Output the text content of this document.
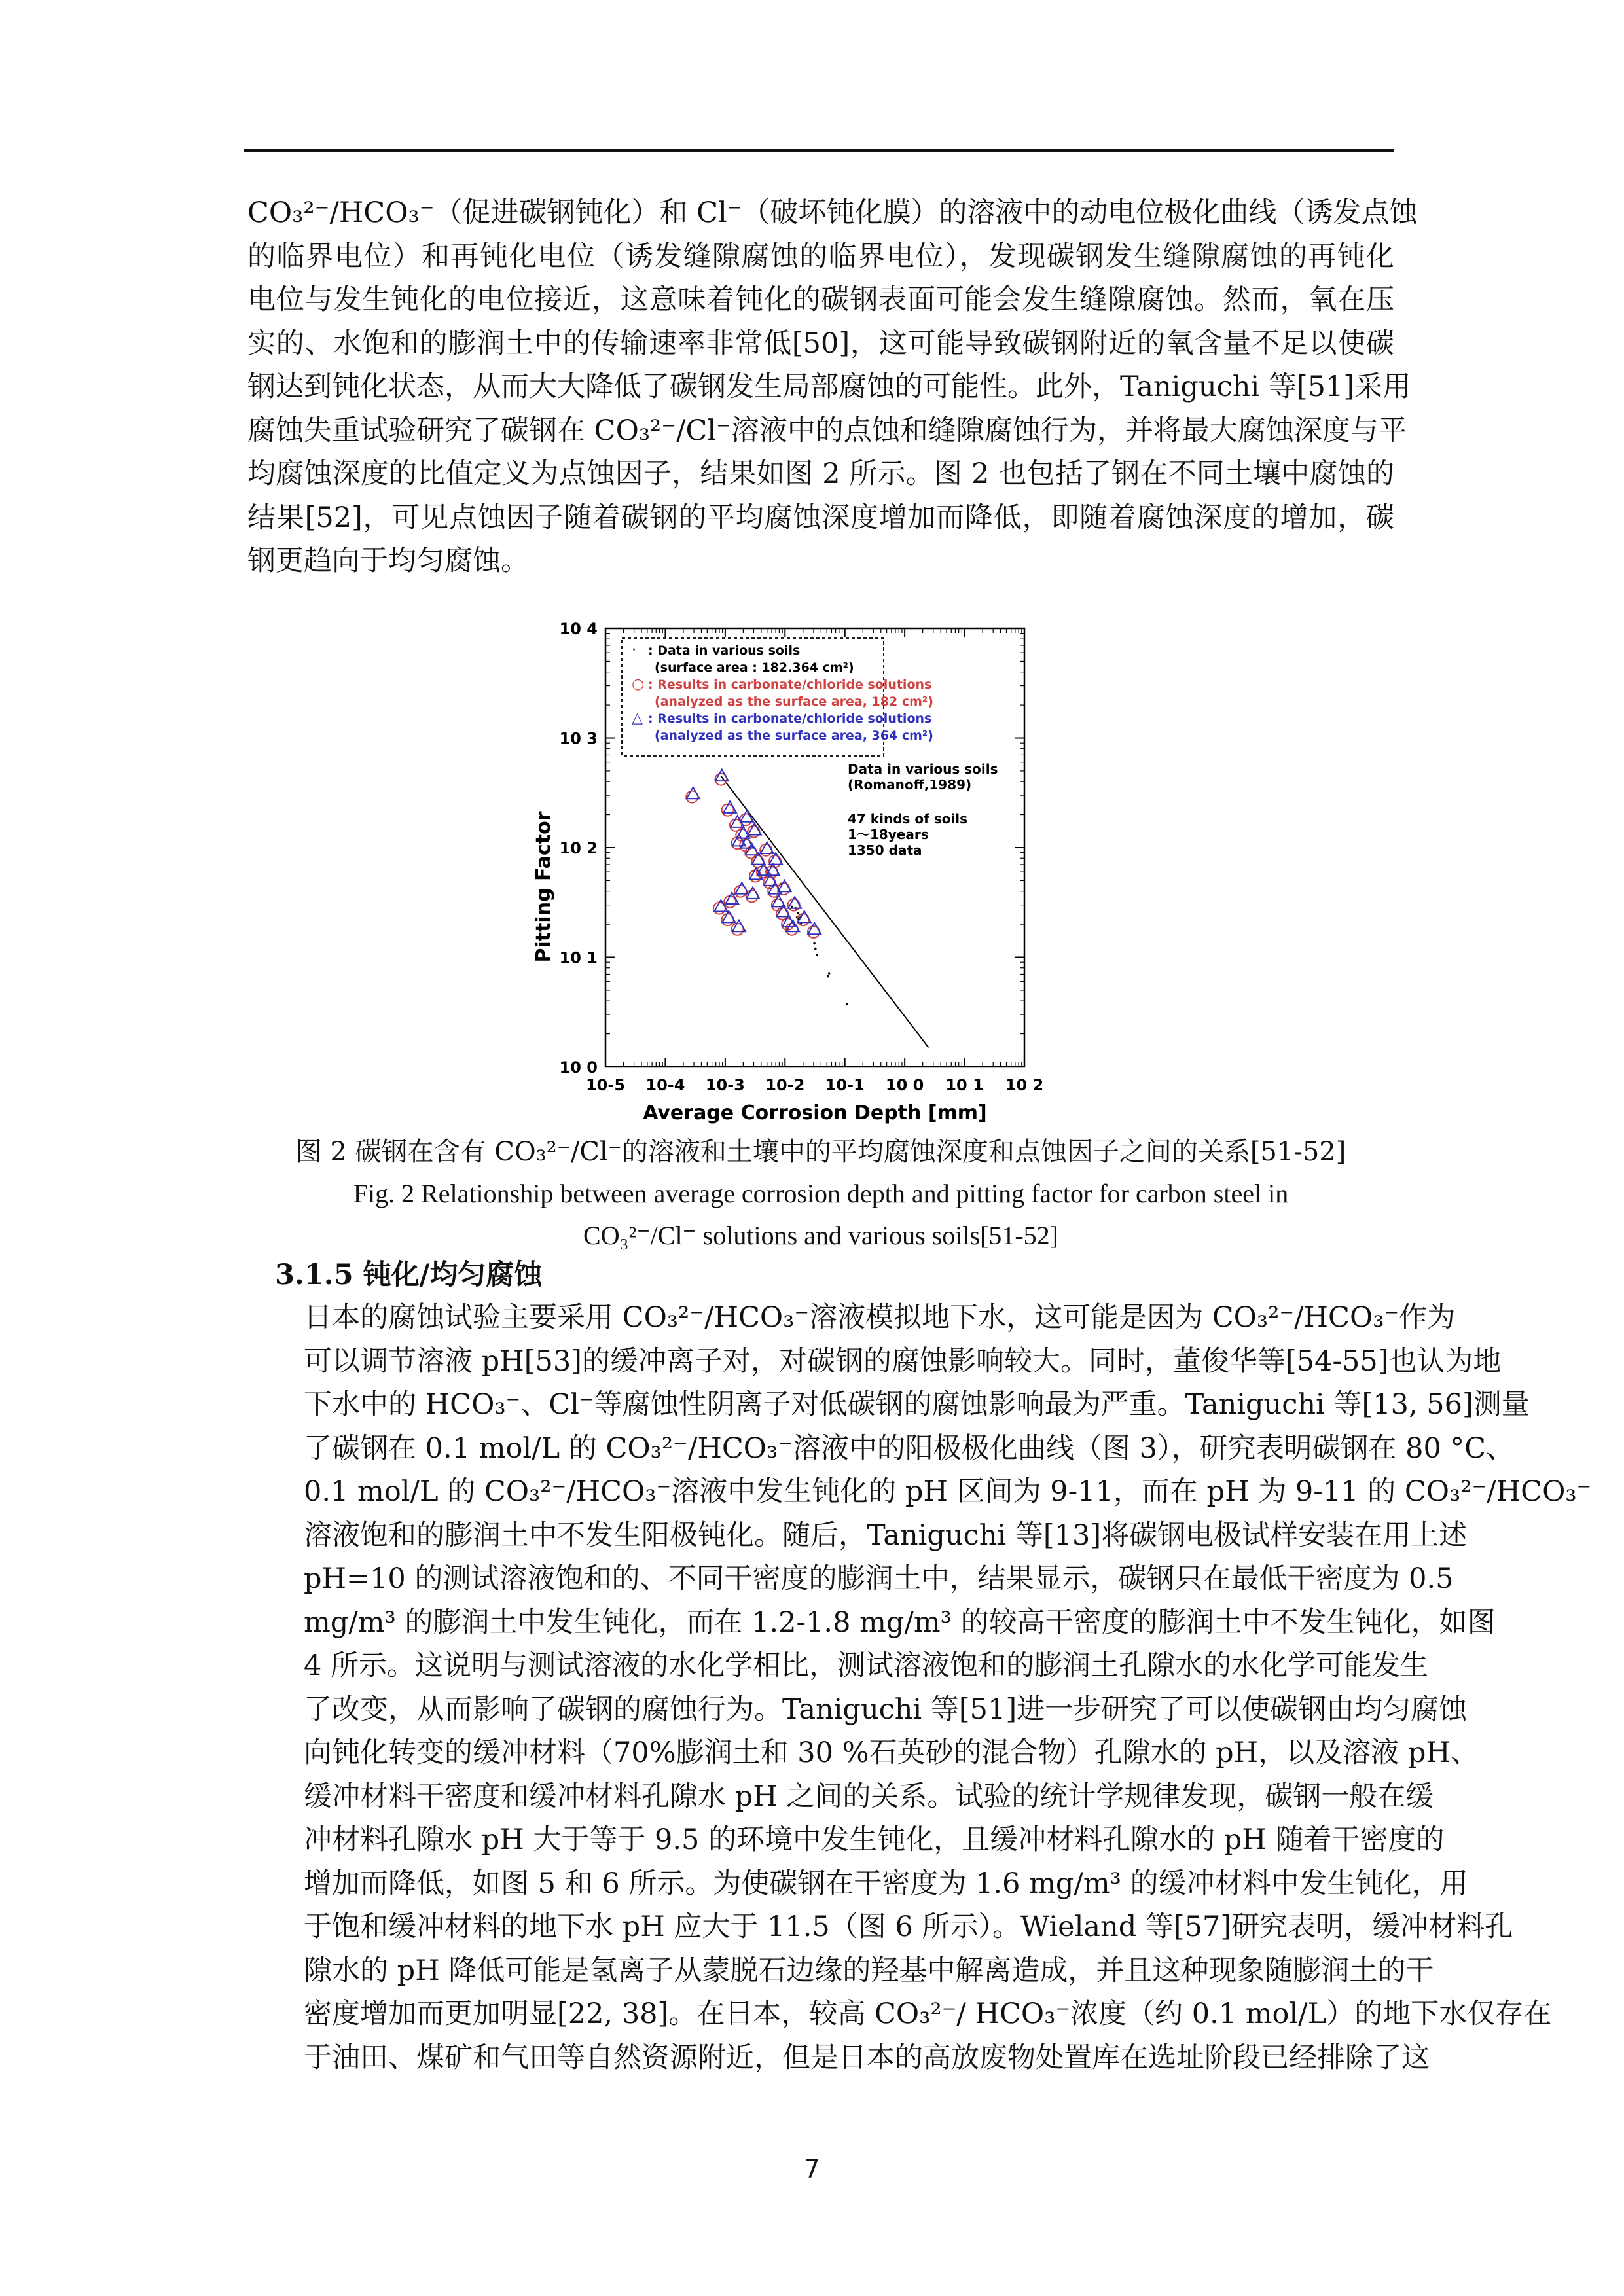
CO₃²⁻/HCO₃⁻（促进碳钢钝化）和 Cl⁻（破坏钝化膜）的溶液中的动电位极化曲线（诱发点蚀
的临界电位）和再钝化电位（诱发缝隙腐蚀的临界电位），发现碳钢发生缝隙腐蚀的再钝化
电位与发生钝化的电位接近，这意味着钝化的碳钢表面可能会发生缝隙腐蚀。然而，氧在压
实的、水饱和的膨润土中的传输速率非常低[50]，这可能导致碳钢附近的氧含量不足以使碳
钢达到钝化状态，从而大大降低了碳钢发生局部腐蚀的可能性。此外，Taniguchi 等[51]采用
腐蚀失重试验研究了碳钢在 CO₃²⁻/Cl⁻溶液中的点蚀和缝隙腐蚀行为，并将最大腐蚀深度与平
均腐蚀深度的比值定义为点蚀因子，结果如图 2 所示。图 2 也包括了钢在不同土壤中腐蚀的
结果[52]，可见点蚀因子随着碳钢的平均腐蚀深度增加而降低，即随着腐蚀深度的增加，碳
钢更趋向于均匀腐蚀。
10-5 10-4 10-3 10-2 10-1 10 0 10 1 10 2
10 0
10 1
10 2
10 3
10 4
Average Corrosion Depth [mm]
Pitting Factor
· : Data in various soils
(surface area : 182.364 cm²)
○ : Results in carbonate/chloride solutions
(analyzed as the surface area, 182 cm²)
△ : Results in carbonate/chloride solutions
(analyzed as the surface area, 364 cm²)
Data in various soils
(Romanoff,1989)
47 kinds of soils
1～18years
1350 data

图 2 碳钢在含有 CO₃²⁻/Cl⁻的溶液和土壤中的平均腐蚀深度和点蚀因子之间的关系[51-52]

Fig. 2 Relationship between average corrosion depth and pitting factor for carbon steel in

CO₃²⁻/Cl⁻ solutions and various soils[51-52]

3.1.5 钝化/均匀腐蚀

日本的腐蚀试验主要采用 CO₃²⁻/HCO₃⁻溶液模拟地下水，这可能是因为 CO₃²⁻/HCO₃⁻作为
可以调节溶液 pH[53]的缓冲离子对，对碳钢的腐蚀影响较大。同时，董俊华等[54-55]也认为地
下水中的 HCO₃⁻、Cl⁻等腐蚀性阴离子对低碳钢的腐蚀影响最为严重。Taniguchi 等[13, 56]测量
了碳钢在 0.1 mol/L 的 CO₃²⁻/HCO₃⁻溶液中的阳极极化曲线（图 3），研究表明碳钢在 80 °C、
0.1 mol/L 的 CO₃²⁻/HCO₃⁻溶液中发生钝化的 pH 区间为 9-11，而在 pH 为 9-11 的 CO₃²⁻/HCO₃⁻
溶液饱和的膨润土中不发生阳极钝化。随后，Taniguchi 等[13]将碳钢电极试样安装在用上述
pH=10 的测试溶液饱和的、不同干密度的膨润土中，结果显示，碳钢只在最低干密度为 0.5
mg/m³ 的膨润土中发生钝化，而在 1.2-1.8 mg/m³ 的较高干密度的膨润土中不发生钝化，如图
4 所示。这说明与测试溶液的水化学相比，测试溶液饱和的膨润土孔隙水的水化学可能发生
了改变，从而影响了碳钢的腐蚀行为。Taniguchi 等[51]进一步研究了可以使碳钢由均匀腐蚀
向钝化转变的缓冲材料（70%膨润土和 30 %石英砂的混合物）孔隙水的 pH，以及溶液 pH、
缓冲材料干密度和缓冲材料孔隙水 pH 之间的关系。试验的统计学规律发现，碳钢一般在缓
冲材料孔隙水 pH 大于等于 9.5 的环境中发生钝化，且缓冲材料孔隙水的 pH 随着干密度的
增加而降低，如图 5 和 6 所示。为使碳钢在干密度为 1.6 mg/m³ 的缓冲材料中发生钝化，用
于饱和缓冲材料的地下水 pH 应大于 11.5（图 6 所示）。Wieland 等[57]研究表明，缓冲材料孔
隙水的 pH 降低可能是氢离子从蒙脱石边缘的羟基中解离造成，并且这种现象随膨润土的干
密度增加而更加明显[22, 38]。在日本，较高 CO₃²⁻/ HCO₃⁻浓度（约 0.1 mol/L）的地下水仅存在
于油田、煤矿和气田等自然资源附近，但是日本的高放废物处置库在选址阶段已经排除了这
7
